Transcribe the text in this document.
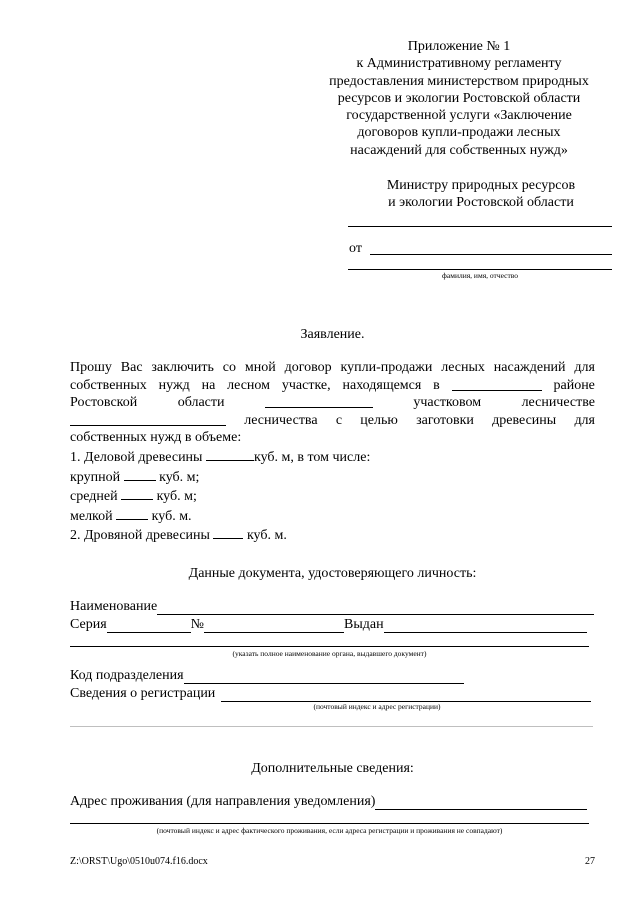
Приложение № 1
к Административному регламенту
предоставления министерством природных
ресурсов и экологии Ростовской области
государственной услуги «Заключение
договоров купли-продажи лесных
насаждений для собственных нужд»
Министру природных ресурсов
и экологии Ростовской области
от
фамилия, имя, отчество
Заявление.
Прошу Вас заключить со мной договор купли-продажи лесных насаждений для
собственных нужд на лесном участке, находящемся в	районе
Ростовской	области	участковом	лесничестве
лесничества с целью заготовки древесины для
собственных нужд в объеме:
1. Деловой древесины	куб. м, в том числе:
крупной	куб. м;
средней	куб. м;
мелкой	куб. м.
2. Дровяной древесины	куб. м.
Данные документа, удостоверяющего личность:
Наименование
Серия	№	Выдан
(указать полное наименование органа, выдавшего документ)
Код подразделения
Сведения о регистрации
(почтовый индекс и адрес регистрации)
Дополнительные сведения:
Адрес проживания (для направления уведомления)
(почтовый индекс и адрес фактического проживания, если адреса регистрации и проживания не совпадают)
Z:\ORST\Ugo\0510u074.f16.docx	27
